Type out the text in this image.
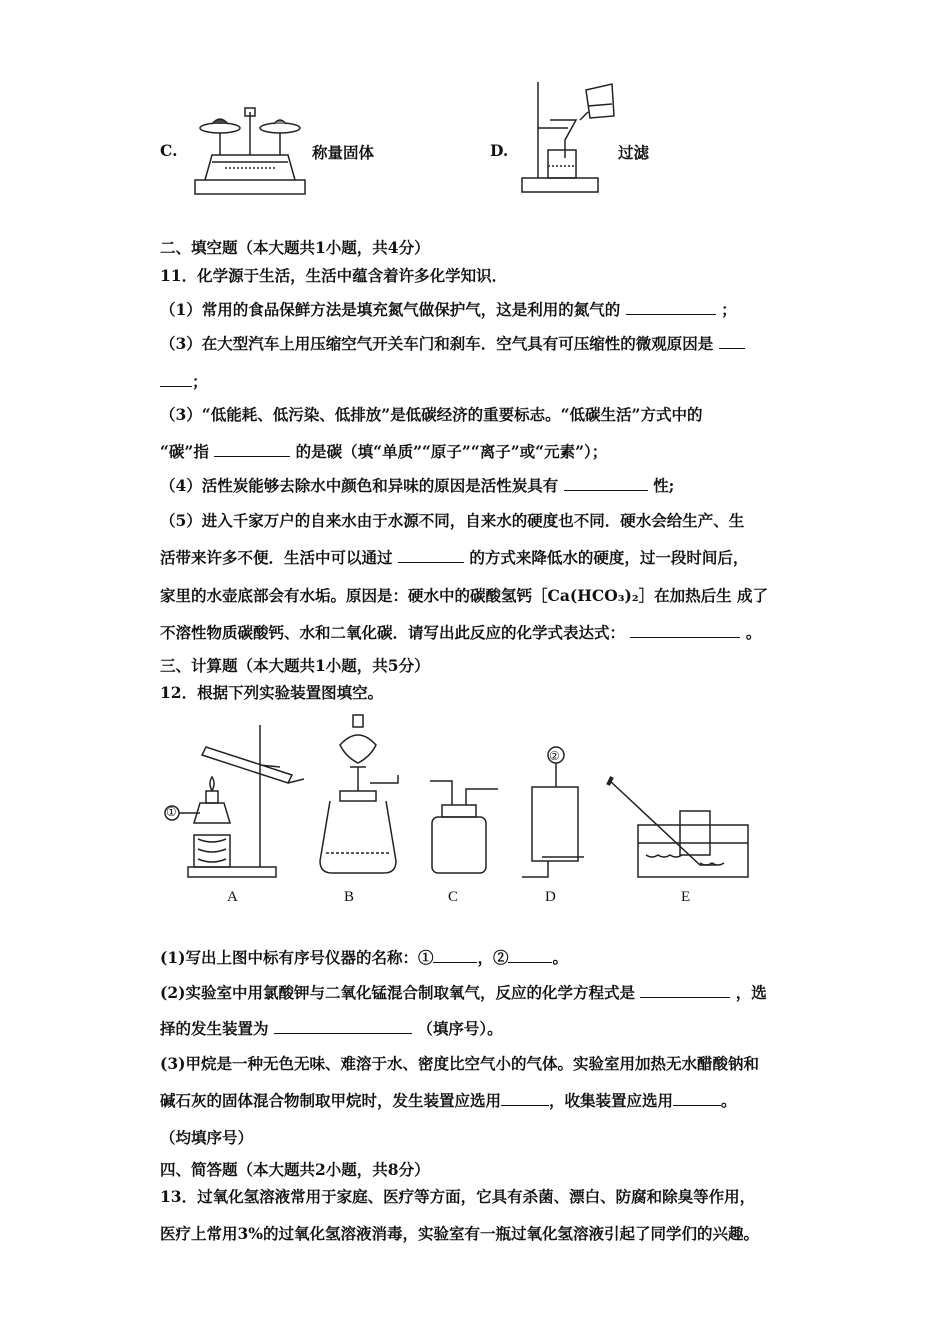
C.	称量固体	D.	过滤
二、填空题（本大题共1小题，共4分）
11．化学源于生活，生活中蕴含着许多化学知识．
（1）常用的食品保鲜方法是填充氮气做保护气，这是利用的氮气的	；
（3）在大型汽车上用压缩空气开关车门和刹车．空气具有可压缩性的微观原因是
；
（3）“低能耗、低污染、低排放”是低碳经济的重要标志。“低碳生活”方式中的
“碳”指	的是碳（填“单质”“原子”“离子”或“元素”）；
（4）活性炭能够去除水中颜色和异味的原因是活性炭具有	性;
（5）进入千家万户的自来水由于水源不同，自来水的硬度也不同．硬水会给生产、生
活带来许多不便．生活中可以通过	的方式来降低水的硬度，过一段时间后，
家里的水壶底部会有水垢。原因是：硬水中的碳酸氢钙［Ca(HCO₃)₂］在加热后生 成了
不溶性物质碳酸钙、水和二氧化碳．请写出此反应的化学式表达式：	。
三、计算题（本大题共1小题，共5分）
12．根据下列实验装置图填空。
①
②
A	B	C	D	E
(1)写出上图中标有序号仪器的名称：①	，②	。
(2)实验室中用氯酸钾与二氧化锰混合制取氧气，反应的化学方程式是	，选
择的发生装置为	（填序号）。
(3)甲烷是一种无色无味、难溶于水、密度比空气小的气体。实验室用加热无水醋酸钠和
碱石灰的固体混合物制取甲烷时，发生装置应选用	，收集装置应选用	。
（均填序号）
四、简答题（本大题共2小题，共8分）
13．过氧化氢溶液常用于家庭、医疗等方面，它具有杀菌、漂白、防腐和除臭等作用，
医疗上常用3%的过氧化氢溶液消毒，实验室有一瓶过氧化氢溶液引起了同学们的兴趣。
